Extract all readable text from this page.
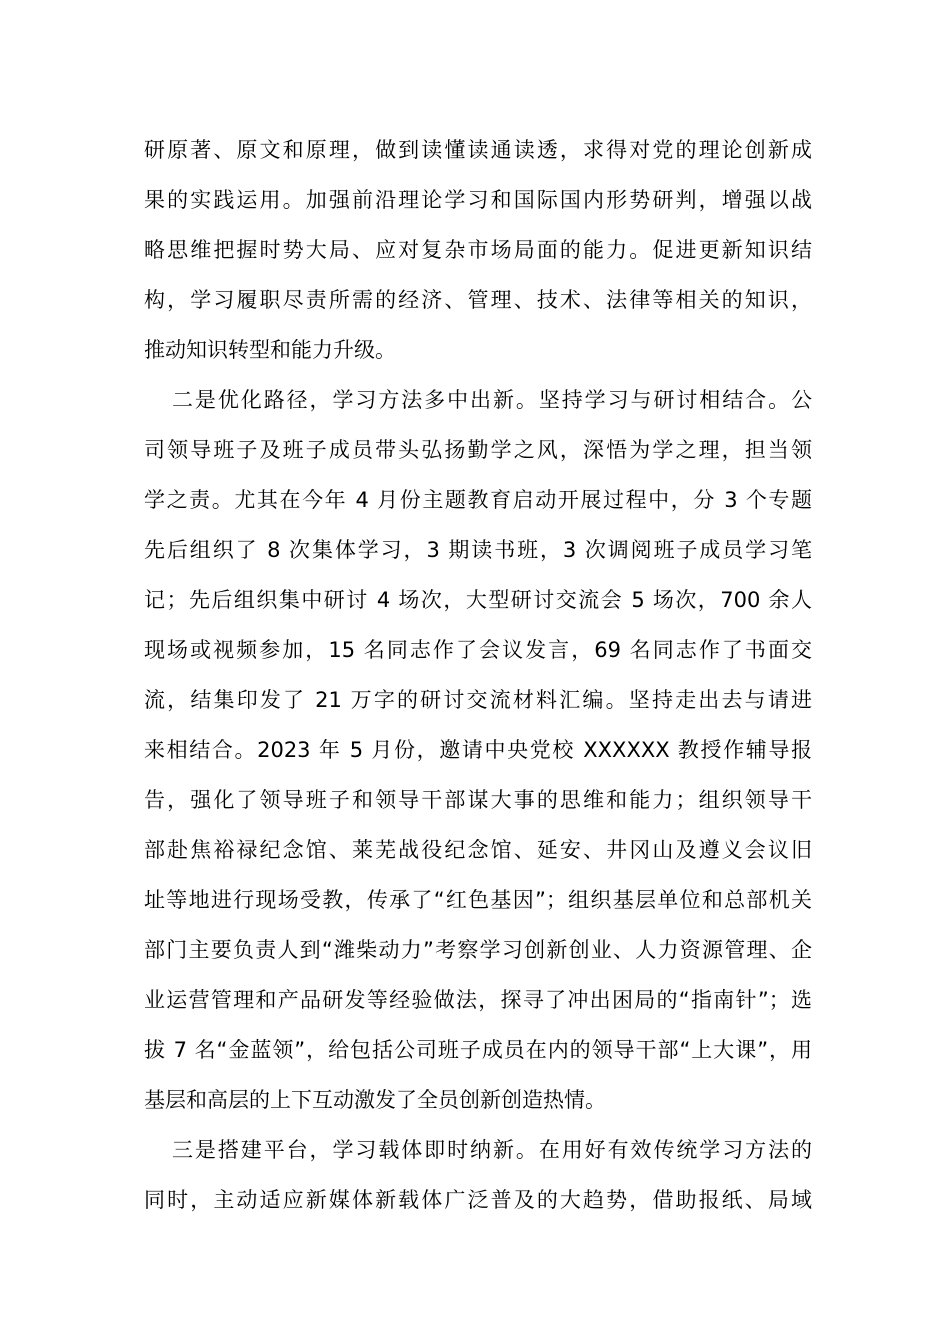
研原著、原文和原理，做到读懂读通读透，求得对党的理论创新成
果的实践运用。加强前沿理论学习和国际国内形势研判，增强以战
略思维把握时势大局、应对复杂市场局面的能力。促进更新知识结
构，学习履职尽责所需的经济、管理、技术、法律等相关的知识，
推动知识转型和能力升级。
二是优化路径，学习方法多中出新。坚持学习与研讨相结合。公
司领导班子及班子成员带头弘扬勤学之风，深悟为学之理，担当领
学之责。尤其在今年 4 月份主题教育启动开展过程中，分 3 个专题
先后组织了 8 次集体学习，3 期读书班，3 次调阅班子成员学习笔
记；先后组织集中研讨 4 场次，大型研讨交流会 5 场次，700 余人
现场或视频参加，15 名同志作了会议发言，69 名同志作了书面交
流，结集印发了 21 万字的研讨交流材料汇编。坚持走出去与请进
来相结合。2023 年 5 月份，邀请中央党校 XXXXXX 教授作辅导报
告，强化了领导班子和领导干部谋大事的思维和能力；组织领导干
部赴焦裕禄纪念馆、莱芜战役纪念馆、延安、井冈山及遵义会议旧
址等地进行现场受教，传承了“红色基因”；组织基层单位和总部机关
部门主要负责人到“潍柴动力”考察学习创新创业、人力资源管理、企
业运营管理和产品研发等经验做法，探寻了冲出困局的“指南针”；选
拔 7 名“金蓝领”，给包括公司班子成员在内的领导干部“上大课”，用
基层和高层的上下互动激发了全员创新创造热情。
三是搭建平台，学习载体即时纳新。在用好有效传统学习方法的
同时，主动适应新媒体新载体广泛普及的大趋势，借助报纸、局域
